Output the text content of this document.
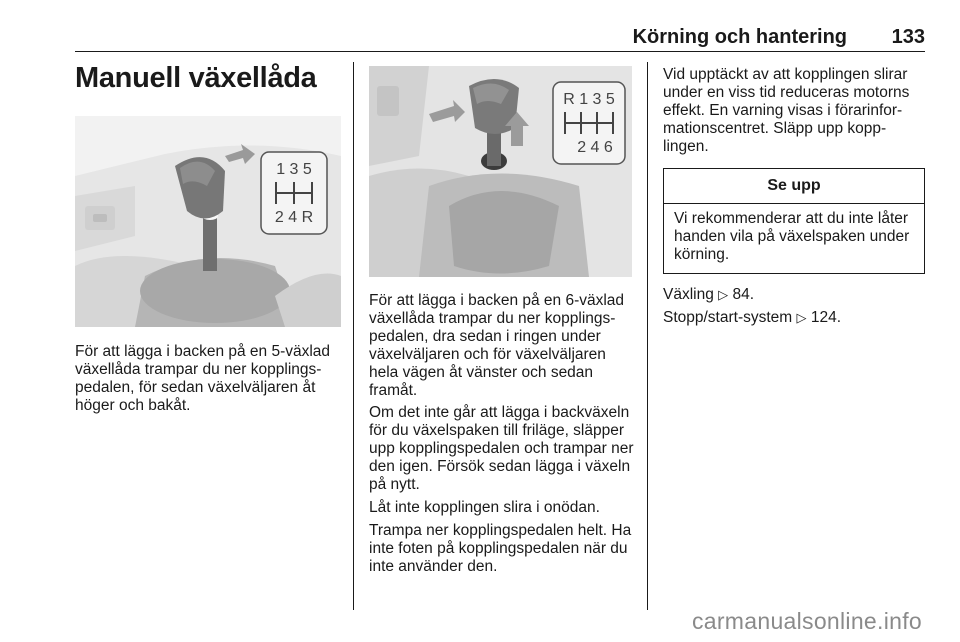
Körning och hantering 133
Manuell växellåda
1 3 5
2 4 R

För att lägga i backen på en 5-växlad växellåda trampar du ner kopplings-pedalen, för sedan växelväljaren åt höger och bakåt.

R 1 3 5
2 4 6

För att lägga i backen på en 6-växlad växellåda trampar du ner kopplings-pedalen, dra sedan i ringen under växelväljaren och för växelväljaren hela vägen åt vänster och sedan framåt.

Om det inte går att lägga i backväxeln för du växelspaken till friläge, släpper upp kopplingspedalen och trampar ner den igen. Försök sedan lägga i växeln på nytt.

Låt inte kopplingen slira i onödan.

Trampa ner kopplingspedalen helt. Ha inte foten på kopplingspedalen när du inte använder den.

Vid upptäckt av att kopplingen slirar under en viss tid reduceras motorns effekt. En varning visas i förarinfor-mationscentret. Släpp upp kopp-lingen.

Se upp
Vi rekommenderar att du inte låter handen vila på växelspaken under körning.

Växling ▷ 84.

Stopp/start-system ▷ 124.

carmanualsonline.info
